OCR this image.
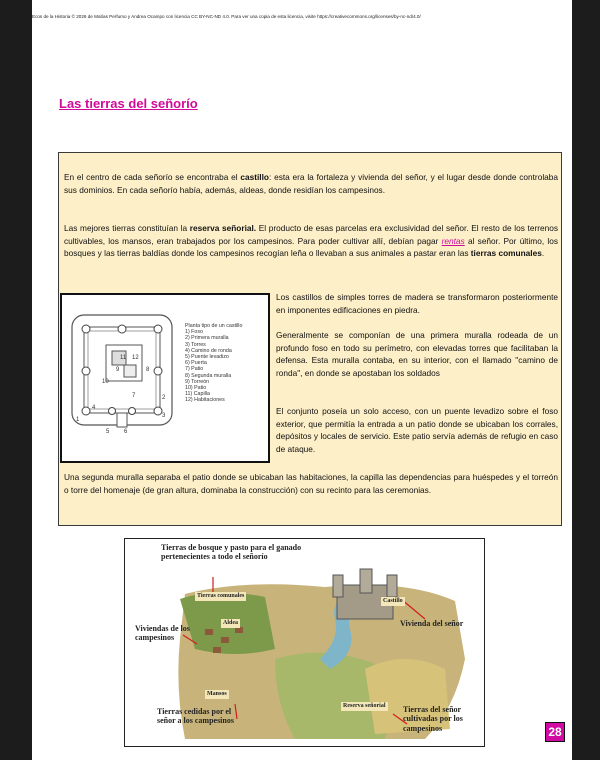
Ecos de la Historia © 2026 de Matías Perfumo y Andrea Ocampo con licencia CC BY-NC-ND 4.0. Para ver una copia de esta licencia, visite https://creativecommons.org/licenses/by-nc-nd/4.0/
Las tierras del señorío
En el centro de cada señorío se encontraba el castillo: esta era la fortaleza y vivienda del señor, y el lugar desde donde controlaba sus dominios. En cada señorío había, además, aldeas, donde residían los campesinos.
Las mejores tierras constituían la reserva señorial. El producto de esas parcelas era exclusividad del señor. El resto de los terrenos cultivables, los mansos, eran trabajados por los campesinos. Para poder cultivar allí, debían pagar rentas al señor. Por último, los bosques y las tierras baldías donde los campesinos recogían leña o llevaban a sus animales a pastar eran las tierras comunales.
1
4
7
9	8
10
11 12
2
3
5 6
Planta tipo de un castillo
1) Foso
2) Primera muralla
3) Torres
4) Camino de ronda
5) Puente levadizo
6) Puerta
7) Patio
8) Segunda muralla
9) Torreón
10) Patio
11) Capilla
12) Habitaciones
Los castillos de simples torres de madera se transformaron posteriormente en imponentes edificaciones en piedra.
Generalmente se componían de una primera muralla rodeada de un profundo foso en todo su perímetro, con elevadas torres que facilitaban la defensa. Esta muralla contaba, en su interior, con el llamado "camino de ronda", en donde se apostaban los soldados
El conjunto poseía un solo acceso, con un puente levadizo sobre el foso exterior, que permitía la entrada a un patio donde se ubicaban los corrales, depósitos y locales de servicio. Este patio servía además de refugio en caso de ataque.
Una segunda muralla separaba el patio donde se ubicaban las habitaciones, la capilla las dependencias para huéspedes y el torreón o torre del homenaje (de gran altura, dominaba la construcción) con su recinto para las ceremonias.
Tierras de bosque y pasto para el ganado pertenecientes a todo el señorío
Viviendas de los campesinos
Vivienda del señor
Tierras cedidas por el señor a los campesinos
Tierras del señor cultivadas por los campesinos
Tierras comunales
Aldea
Castillo
Mansos
Reserva señorial
28
